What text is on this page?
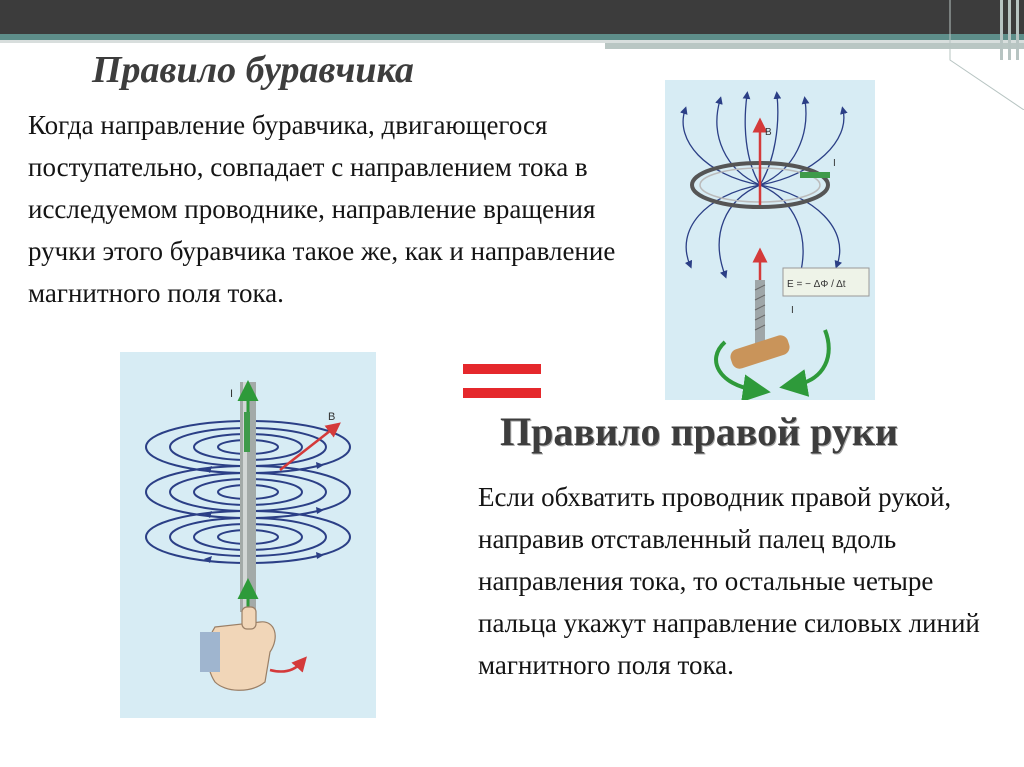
Правило буравчика

Когда направление буравчика, двигающегося поступательно, совпадает с направлением тока в исследуемом проводнике, направление вращения ручки этого буравчика такое же, как и направление магнитного поля тока.

B
I
E = − ΔΦ / Δt
I
I
B	Правило правой руки

Если обхватить проводник правой рукой, направив отставленный палец вдоль направления тока, то остальные четыре пальца укажут направление силовых линий магнитного поля тока.
